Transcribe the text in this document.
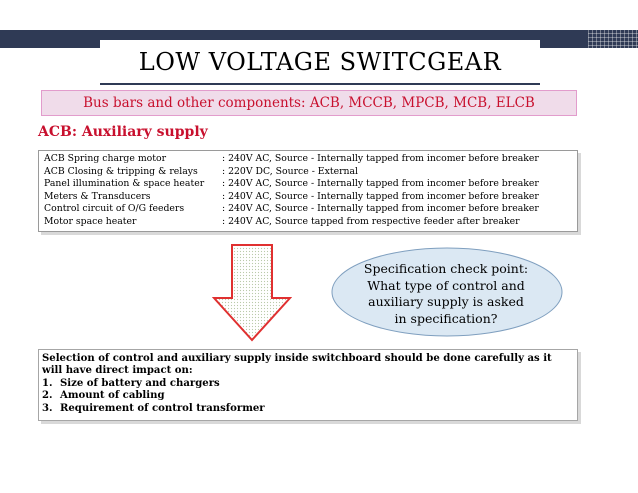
LOW VOLTAGE SWITCGEAR
Bus bars and other components: ACB, MCCB, MPCB, MCB, ELCB
ACB: Auxiliary supply
ACB Spring charge motor	: 240V AC, Source - Internally tapped from incomer before breaker
ACB Closing & tripping & relays	: 220V DC, Source - External
Panel illumination & space heater	: 240V AC, Source - Internally tapped from incomer before breaker
Meters & Transducers	: 240V AC, Source - Internally tapped from incomer before breaker
Control circuit of O/G feeders	: 240V AC, Source - Internally tapped from incomer before breaker
Motor space heater	: 240V AC, Source tapped from respective feeder after breaker
Specification check point:
What type of control and
auxiliary supply is asked
in specification?
Selection of control and auxiliary supply inside switchboard should be done carefully as it
will have direct impact on:
1. Size of battery and chargers
2. Amount of cabling
3. Requirement of control transformer
